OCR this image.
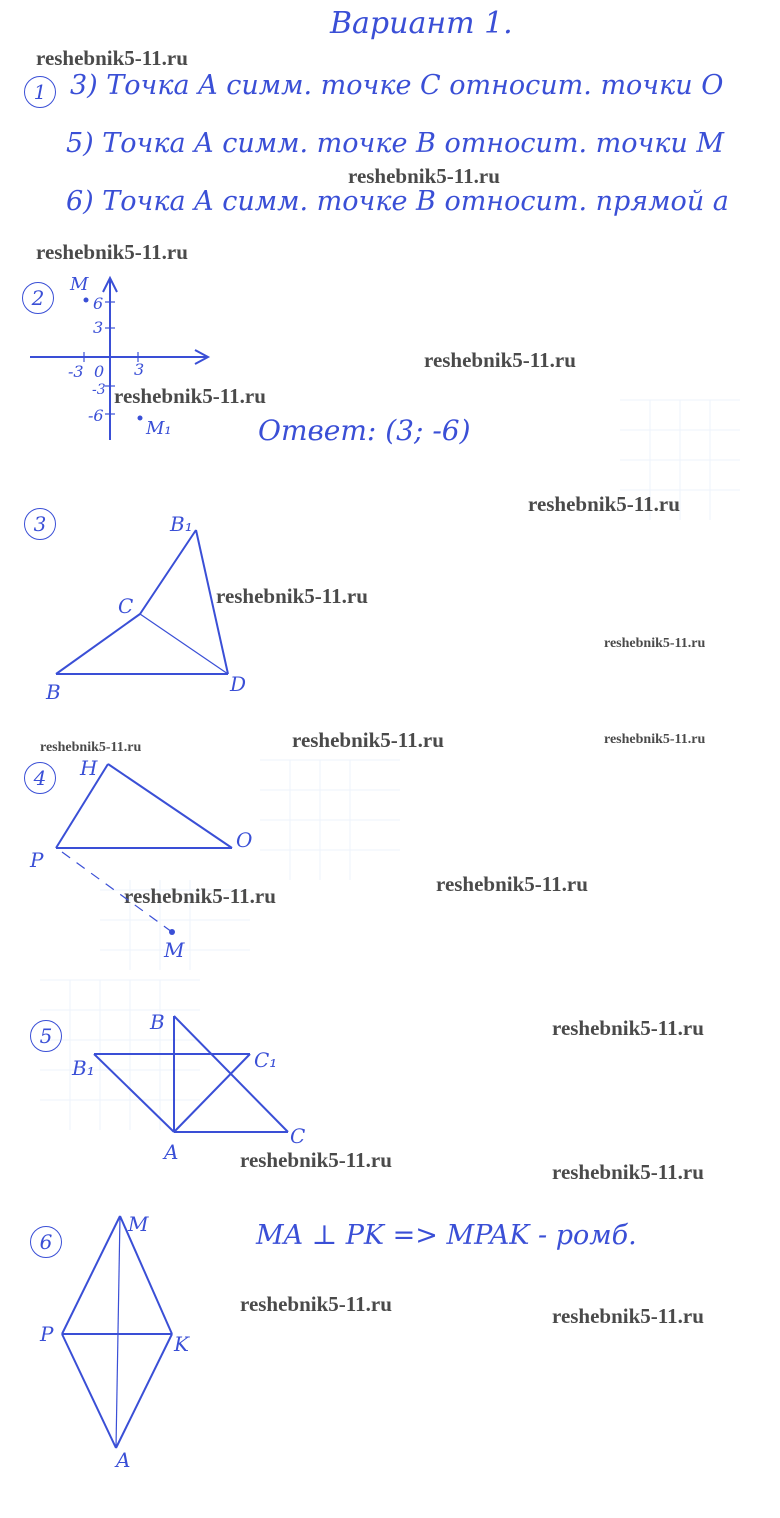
Вариант 1.
reshebnik5-11.ru
reshebnik5-11.ru
reshebnik5-11.ru
reshebnik5-11.ru
reshebnik5-11.ru
reshebnik5-11.ru
reshebnik5-11.ru
reshebnik5-11.ru
reshebnik5-11.ru	reshebnik5-11.ru	reshebnik5-11.ru
reshebnik5-11.ru
reshebnik5-11.ru
reshebnik5-11.ru
reshebnik5-11.ru	reshebnik5-11.ru
reshebnik5-11.ru	reshebnik5-11.ru
1 3) Точка A симм. точке C относит. точки O
5) Точка A симм. точке B относит. точки M
6) Точка A симм. точке B относит. прямой a
2
M
6
3
-3 0 3
-3
-6
M₁	Ответ: (3; -6)
3	B₁
C
B	D
4	H
O
P
M
5
B
B₁	C₁
A
C
6
M
P	K
A
MA ⊥ PK => MPAK - ромб.
